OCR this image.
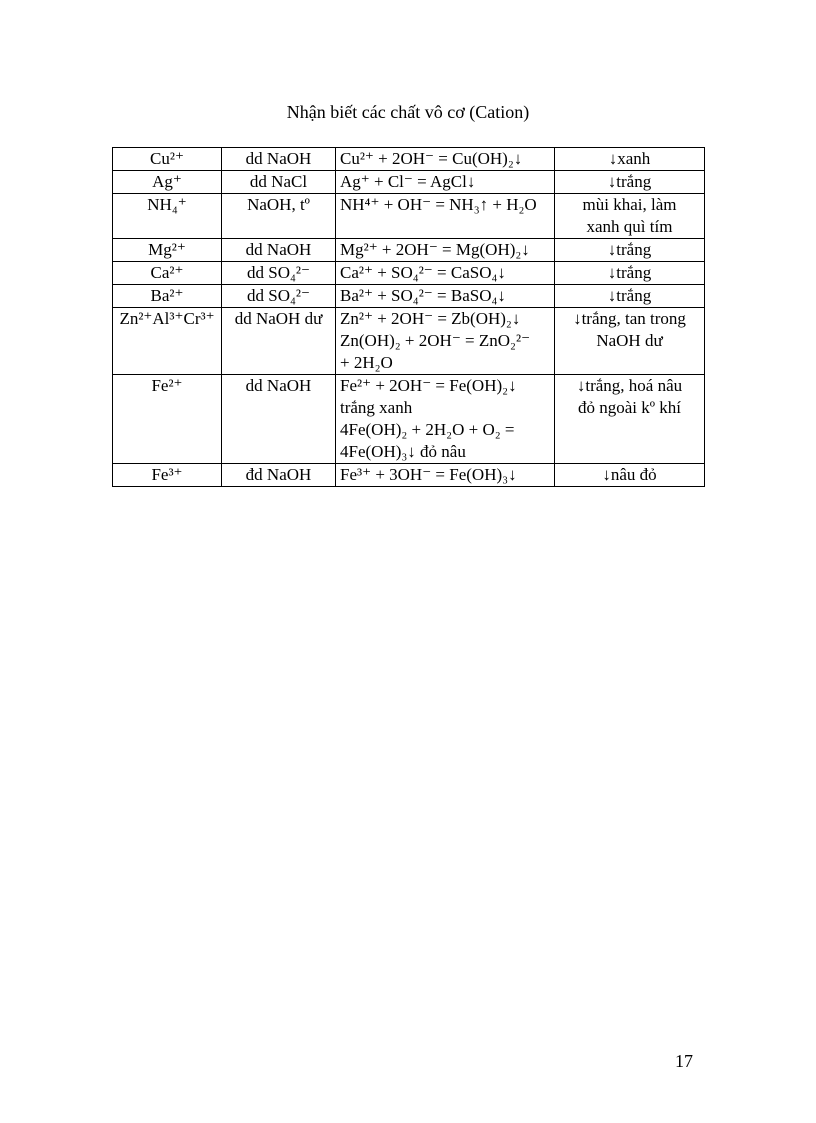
Nhận biết các chất vô cơ (Cation)
Cu²⁺	dd NaOH	Cu²⁺ + 2OH⁻ = Cu(OH)₂↓	↓xanh

Ag⁺	dd NaCl	Ag⁺ + Cl⁻ = AgCl↓	↓trắng

NH₄⁺	NaOH, tº	NH⁴⁺ + OH⁻ = NH₃↑ + H₂O	mùi khai, làm
xanh quì tím

Mg²⁺	dd NaOH	Mg²⁺ + 2OH⁻ = Mg(OH)₂↓	↓trắng

Ca²⁺	dd SO₄²⁻	Ca²⁺ + SO₄²⁻ = CaSO₄↓	↓trắng

Ba²⁺	dd SO₄²⁻	Ba²⁺ + SO₄²⁻ = BaSO₄↓	↓trắng

Zn²⁺Al³⁺Cr³⁺	dd NaOH dư	Zn²⁺ + 2OH⁻ = Zb(OH)₂↓
Zn(OH)₂ + 2OH⁻ = ZnO₂²⁻
+ 2H₂O	↓trắng, tan trong
NaOH dư

Fe²⁺	dd NaOH	Fe²⁺ + 2OH⁻ = Fe(OH)₂↓
trắng xanh
4Fe(OH)₂ + 2H₂O + O₂ =
4Fe(OH)₃↓ đỏ nâu	↓trắng, hoá nâu
đỏ ngoài kº khí

Fe³⁺	đd NaOH	Fe³⁺ + 3OH⁻ = Fe(OH)₃↓	↓nâu đỏ
17
